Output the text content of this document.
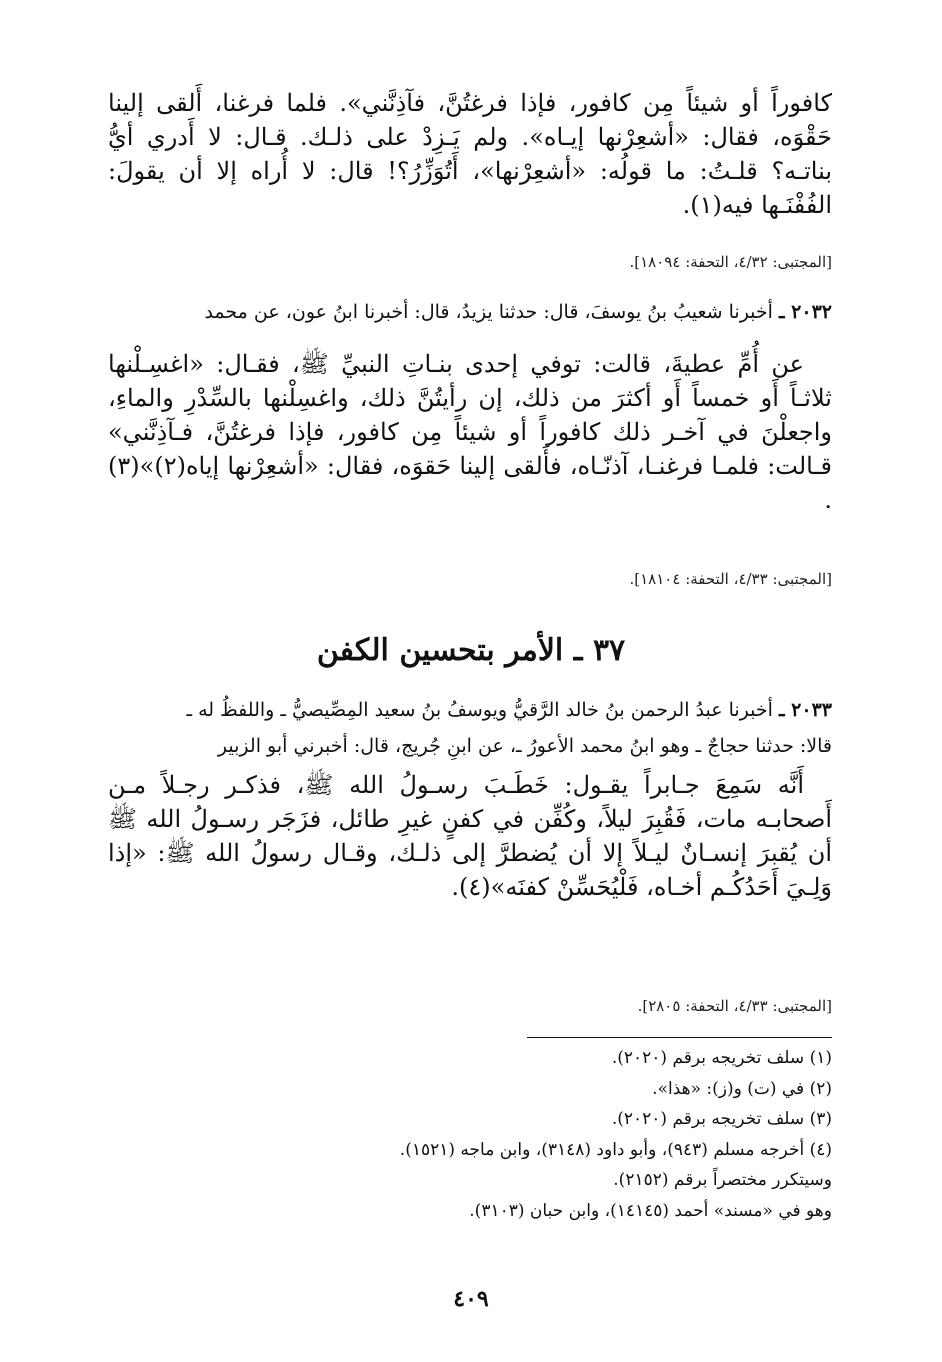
كافوراً أو شيئاً مِن كافور، فإذا فرغتُنَّ، فآذِنَّني». فلما فرغنا، أَلقى إلينا حَقْوَه، فقال: «أشعِرْنها إيـاه». ولم يَـزِدْ على ذلـك. قـال: لا أَدري أيُّ بناتـه؟ قلـتُ: ما قولُه: «أشعِرْنها»، أَتُوَزِّرُ؟! قال: لا أُراه إلا أن يقولَ: الفُفْنَـها فيه(١).
[المجتبى: ٤/٣٢، التحفة: ١٨٠٩٤].
٢٠٣٢ ـ أخبرنا شعيبُ بنُ يوسفَ، قال: حدثنا يزيدُ، قال: أخبرنا ابنُ عون، عن محمد
عن أُمِّ عطيةَ، قالت: توفي إحدى بنـاتِ النبيِّ ﷺ، فقـال: «اغسِـلْنها ثلاثـاً أَو خمساً أَو أكثرَ من ذلك، إن رأيتُنَّ ذلك، واغسِلْنها بالسِّدْرِ والماءِ، واجعلْنَ في آخـر ذلك كافوراً أو شيئاً مِن كافور، فإذا فرغتُنَّ، فـآذِنَّني» قـالت: فلمـا فرغنـا، آذنّـاه، فأَلقى إلينا حَقوَه، فقال: «أشعِرْنها إياه(٢)»(٣) .
[المجتبى: ٤/٣٣، التحفة: ١٨١٠٤].
٣٧ ـ الأمر بتحسين الكفن
٢٠٣٣ ـ أخبرنا عبدُ الرحمن بنُ خالد الرَّقيُّ ويوسفُ بنُ سعيد المِصِّيصيُّ ـ واللفظُ له ـ
قالا: حدثنا حجاجٌ ـ وهو ابنُ محمد الأعورُ ـ، عن ابنِ جُريج، قال: أخبرني أبو الزبير
أَنَّه سَمِعَ جـابراً يقـول: خَطَـبَ رسـولُ الله ﷺ، فذكـر رجـلاً مـن أَصحابـه مات، فَقُبِرَ ليلاً، وكُفِّن في كفنٍ غيرِ طائل، فزَجَر رسـولُ الله ﷺ أن يُقبرَ إنسـانٌ ليـلاً إلا أن يُضطرَّ إلى ذلـك، وقـال رسولُ الله ﷺ: «إذا وَلِـيَ أَحَدُكُـم أخـاه، فَلْيُحَسِّنْ كفنَه»(٤).
[المجتبى: ٤/٣٣، التحفة: ٢٨٠٥].
(١) سلف تخريجه برقم (٢٠٢٠).
(٢) في (ت) و(ز): «هذا».
(٣) سلف تخريجه برقم (٢٠٢٠).
(٤) أخرجه مسلم (٩٤٣)، وأبو داود (٣١٤٨)، وابن ماجه (١٥٢١).
وسيتكرر مختصراً برقم (٢١٥٢).
وهو في «مسند» أحمد (١٤١٤٥)، وابن حبان (٣١٠٣).
٤٠٩
